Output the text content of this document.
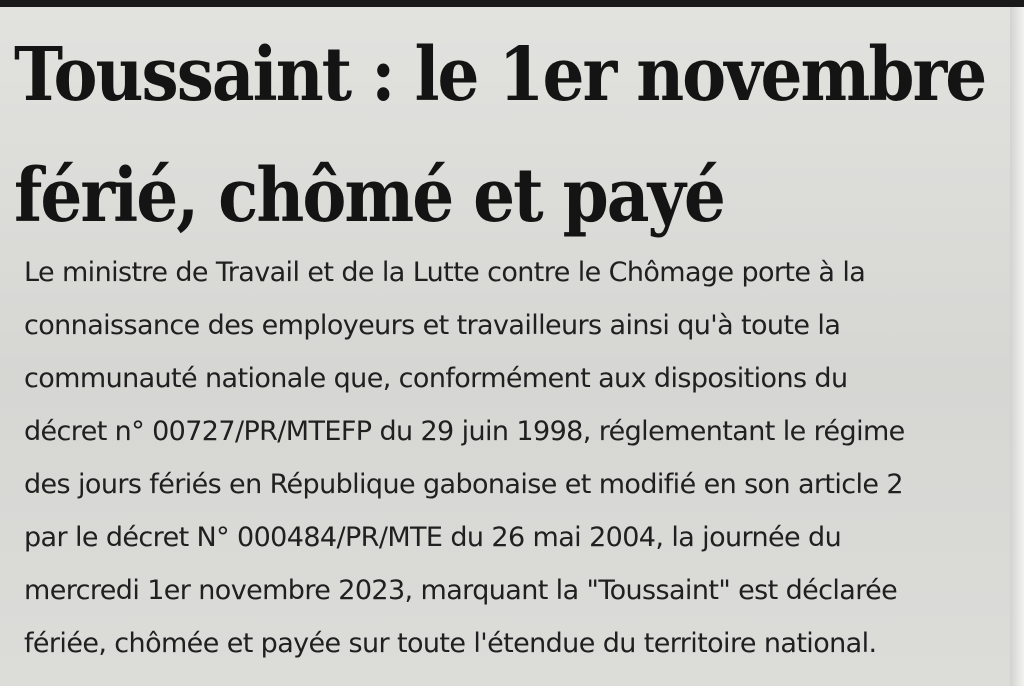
Toussaint : le 1er novembre
férié, chômé et payé

Le ministre de Travail et de la Lutte contre le Chômage porte à la
connaissance des employeurs et travailleurs ainsi qu'à toute la
communauté nationale que, conformément aux dispositions du
décret n° 00727/PR/MTEFP du 29 juin 1998, réglementant le régime
des jours fériés en République gabonaise et modifié en son article 2
par le décret N° 000484/PR/MTE du 26 mai 2004, la journée du
mercredi 1er novembre 2023, marquant la "Toussaint" est déclarée
fériée, chômée et payée sur toute l'étendue du territoire national.
